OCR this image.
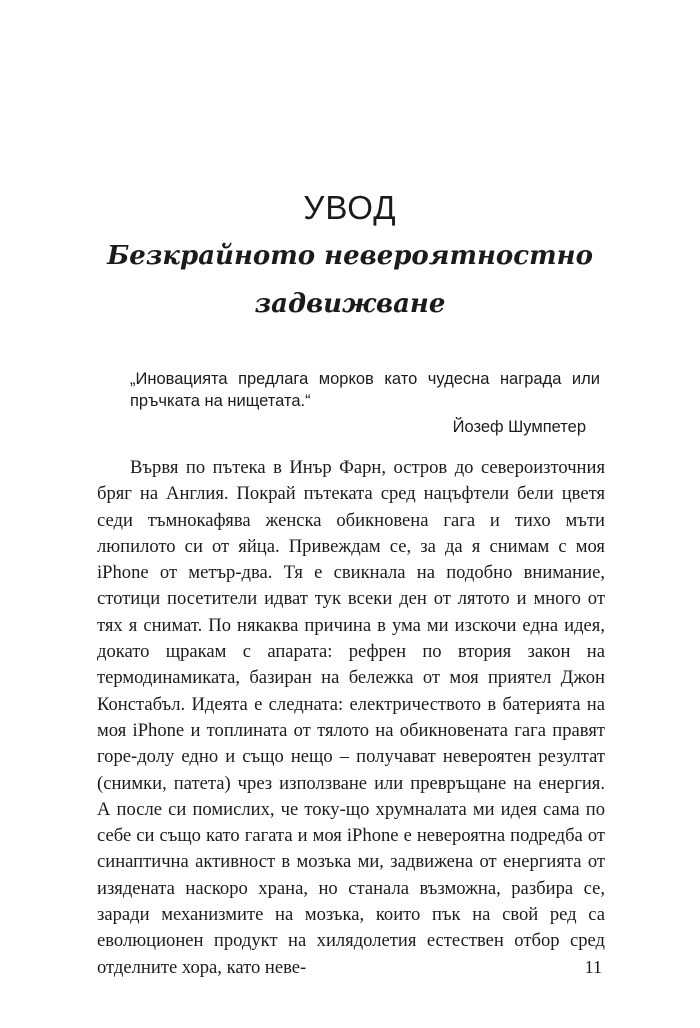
УВОД
Безкрайното невероятностно
задвижване

„Иновацията предлага морков като чудесна награда или пръчката на нищетата.“

Йозеф Шумпетер

Вървя по пътека в Инър Фарн, остров до североизточния бряг на Англия. Покрай пътеката сред нацъфтели бели цветя седи тъмнокафява женска обикновена гага и тихо мъти люпилото си от яйца. Привеждам се, за да я снимам с моя iPhone от метър-два. Тя е свикнала на подобно внимание, стотици посетители идват тук всеки ден от лятото и много от тях я снимат. По някаква причина в ума ми изскочи една идея, докато щракам с апарата: рефрен по втория закон на термодинамиката, базиран на бележка от моя приятел Джон Констабъл. Идеята е следната: електричеството в батерията на моя iPhone и топлината от тялото на обикновената гага правят горе-долу едно и също нещо – получават невероятен резултат (снимки, патета) чрез използване или превръщане на енергия. А после си помислих, че току-що хрумналата ми идея сама по себе си също като гагата и моя iPhone е невероятна подредба от синаптична активност в мозъка ми, задвижена от енергията от изядената наскоро храна, но станала възможна, разбира се, заради механизмите на мозъка, които пък на свой ред са еволюционен продукт на хилядолетия естествен отбор сред отделните хора, като неве-	11
